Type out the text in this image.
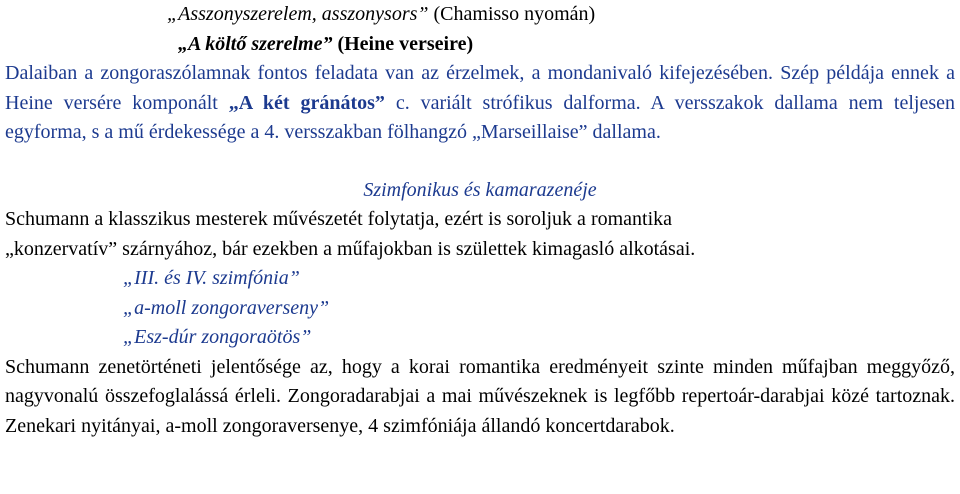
„Asszonyszerelem, asszonysors” (Chamisso nyomán)
„A költő szerelme” (Heine verseire)
Dalaiban a zongoraszólamnak fontos feladata van az érzelmek, a mondanivaló kifejezésében. Szép példája ennek a Heine versére komponált „A két gránátos” c. variált strófikus dalforma. A versszakok dallama nem teljesen egyforma, s a mű érdekessége a 4. versszakban fölhangzó „Marseillaise” dallama.
Szimfonikus és kamarazenéje
Schumann a klasszikus mesterek művészetét folytatja, ezért is soroljuk a romantika
„konzervatív” szárnyához, bár ezekben a műfajokban is születtek kimagasló alkotásai.
„III. és IV. szimfónia”
„a-moll zongoraverseny”
„Esz-dúr zongoraötös”
Schumann zenetörténeti jelentősége az, hogy a korai romantika eredményeit szinte minden műfajban meggyőző, nagyvonalú összefoglalássá érleli. Zongoradarabjai a mai művészeknek is legfőbb repertoár-darabjai közé tartoznak. Zenekari nyitányai, a-moll zongoraversenye, 4 szimfóniája állandó koncertdarabok.
